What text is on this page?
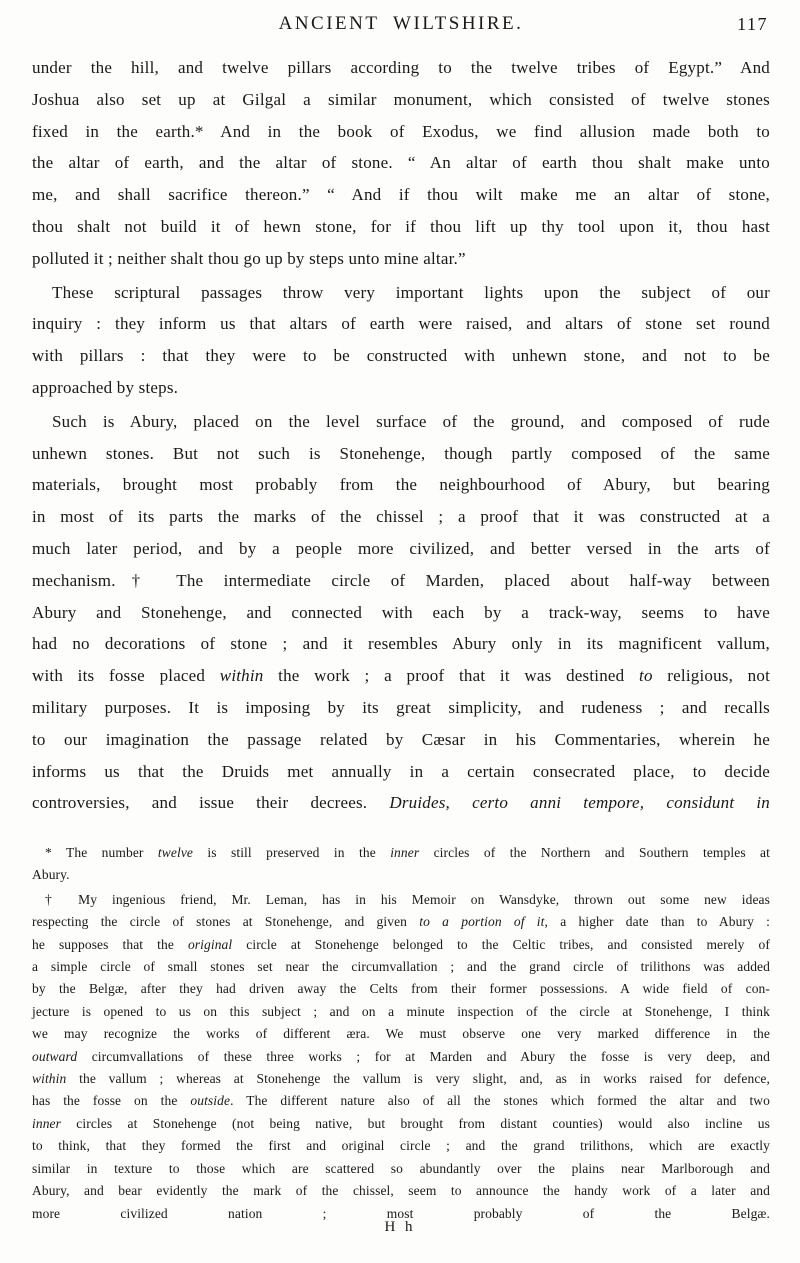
ANCIENT WILTSHIRE.	117
under the hill, and twelve pillars according to the twelve tribes of Egypt.” And
Joshua also set up at Gilgal a similar monument, which consisted of twelve stones
fixed in the earth.* And in the book of Exodus, we find allusion made both to
the altar of earth, and the altar of stone. “ An altar of earth thou shalt make unto
me, and shall sacrifice thereon.” “ And if thou wilt make me an altar of stone,
thou shalt not build it of hewn stone, for if thou lift up thy tool upon it, thou hast
polluted it ; neither shalt thou go up by steps unto mine altar.”
These scriptural passages throw very important lights upon the subject of our
inquiry : they inform us that altars of earth were raised, and altars of stone set round
with pillars : that they were to be constructed with unhewn stone, and not to be
approached by steps.
Such is Abury, placed on the level surface of the ground, and composed of rude
unhewn stones. But not such is Stonehenge, though partly composed of the same
materials, brought most probably from the neighbourhood of Abury, but bearing
in most of its parts the marks of the chissel ; a proof that it was constructed at a
much later period, and by a people more civilized, and better versed in the arts of
mechanism.† The intermediate circle of Marden, placed about half-way between
Abury and Stonehenge, and connected with each by a track-way, seems to have
had no decorations of stone ; and it resembles Abury only in its magnificent vallum,
with its fosse placed within the work ; a proof that it was destined to religious, not
military purposes. It is imposing by its great simplicity, and rudeness ; and recalls
to our imagination the passage related by Cæsar in his Commentaries, wherein he
informs us that the Druids met annually in a certain consecrated place, to decide
controversies, and issue their decrees. Druides, certo anni tempore, considunt in
* The number twelve is still preserved in the inner circles of the Northern and Southern temples at
Abury.
† My ingenious friend, Mr. Leman, has in his Memoir on Wansdyke, thrown out some new ideas
respecting the circle of stones at Stonehenge, and given to a portion of it, a higher date than to Abury :
he supposes that the original circle at Stonehenge belonged to the Celtic tribes, and consisted merely of
a simple circle of small stones set near the circumvallation ; and the grand circle of trilithons was added
by the Belgæ, after they had driven away the Celts from their former possessions. A wide field of con-
jecture is opened to us on this subject ; and on a minute inspection of the circle at Stonehenge, I think
we may recognize the works of different æra. We must observe one very marked difference in the
outward circumvallations of these three works ; for at Marden and Abury the fosse is very deep, and
within the vallum ; whereas at Stonehenge the vallum is very slight, and, as in works raised for defence,
has the fosse on the outside. The different nature also of all the stones which formed the altar and two
inner circles at Stonehenge (not being native, but brought from distant counties) would also incline us
to think, that they formed the first and original circle ; and the grand trilithons, which are exactly
similar in texture to those which are scattered so abundantly over the plains near Marlborough and
Abury, and bear evidently the mark of the chissel, seem to announce the handy work of a later and
more civilized nation ; most probably of the Belgæ.
H h
